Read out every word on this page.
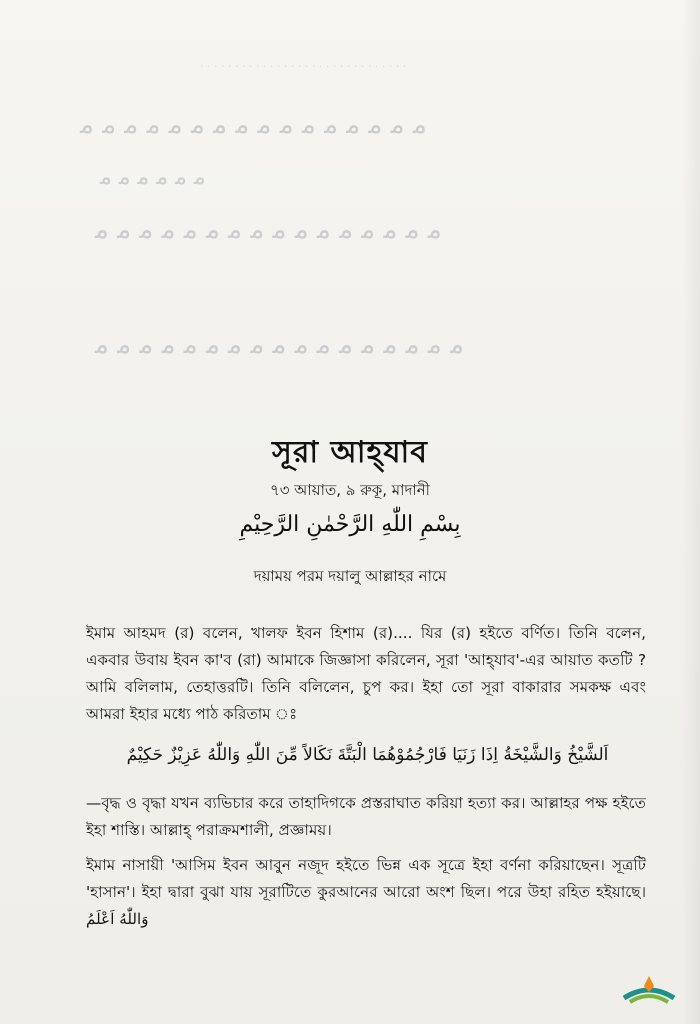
· · · · · · · · · · · · · · · · · · · · · · · · · · · · · ·
ﻣ ﻣ ﻣ ﻣ ﻣ ﻣ ﻣ ﻣ ﻣ ﻣ ﻣ ﻣ ﻣ ﻣ ﻣ ﻣ
ﻣ ﻣ ﻣ ﻣ ﻣ ﻣ
ﻣ ﻣ ﻣ ﻣ ﻣ ﻣ ﻣ ﻣ ﻣ ﻣ ﻣ ﻣ ﻣ ﻣ ﻣ ﻣ
ﻣ ﻣ ﻣ ﻣ ﻣ ﻣ ﻣ ﻣ ﻣ ﻣ ﻣ ﻣ ﻣ ﻣ ﻣ ﻣ ﻣ
সূরা আহ্‌যাব
৭৩ আয়াত, ৯ রুকূ, মাদানী
بِسْمِ اللّٰهِ الرَّحْمٰنِ الرَّحِيْمِ
দয়াময় পরম দয়ালু আল্লাহর নামে
ইমাম আহমদ (র) বলেন, খালফ ইবন হিশাম (র).... যির (র) হইতে বর্ণিত। তিনি বলেন, একবার উবায় ইবন কা'ব (রা) আমাকে জিজ্ঞাসা করিলেন, সূরা 'আহ্‌যাব'-এর আয়াত কতটি ? আমি বলিলাম, তেহাত্তরটি। তিনি বলিলেন, চুপ কর। ইহা তো সূরা বাকারার সমকক্ষ এবং আমরা ইহার মধ্যে পাঠ করিতাম ঃ
اَلشَّيْخُ وَالشَّيْخَةُ اِذَا زَنَيَا فَارْجُمُوْهُمَا الْبَتَّةَ نَكَالاً مِّنَ اللّٰهِ وَاللّٰهُ عَزِيْزٌ حَكِيْمٌ
—বৃদ্ধ ও বৃদ্ধা যখন ব্যভিচার করে তাহাদিগকে প্রস্তরাঘাত করিয়া হত্যা কর। আল্লাহর পক্ষ হইতে ইহা শাস্তি। আল্লাহ্‌ পরাক্রমশালী, প্রজ্ঞাময়।
ইমাম নাসায়ী 'আসিম ইবন আবুন নজূদ হইতে ভিন্ন এক সূত্রে ইহা বর্ণনা করিয়াছেন। সূত্রটি 'হাসান'। ইহা দ্বারা বুঝা যায় সূরাটিতে কুরআনের আরো অংশ ছিল। পরে উহা রহিত হইয়াছে। وَاللّٰهُ اَعْلَمُ
